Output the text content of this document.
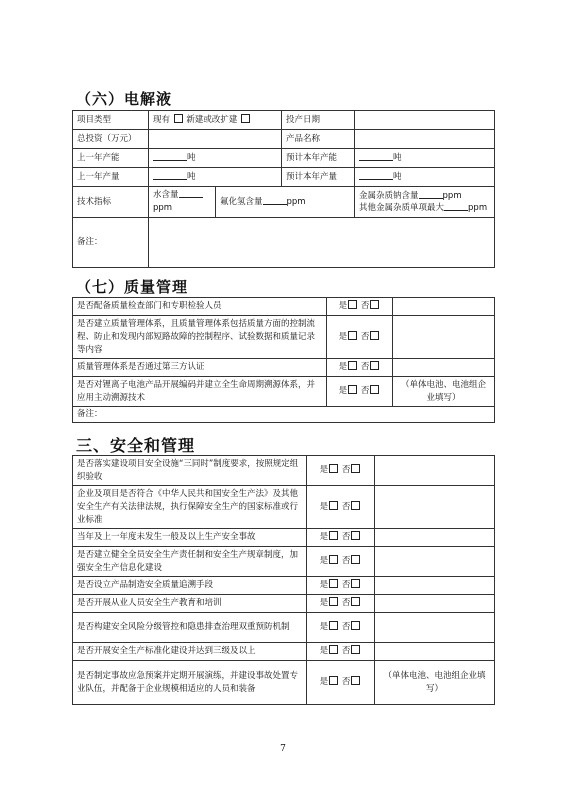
（六）电解液
项目类型	现有 新建或改扩建		投产日期	
总投资（万元）			产品名称	
上一年产能	吨		预计本年产能	吨
上一年产量	吨		预计本年产量	吨
技术指标	水含量ppm	氟化氢含量 ppm		金属杂质钠含量 ppm
其他金属杂质单项最大 ppm

备注：				
（七）质量管理
是否配备质量检查部门和专职检验人员	是 否	
是否建立质量管理体系，且质量管理体系包括质量方面的控制流程、防止和发现内部短路故障的控制程序、试验数据和质量记录等内容	是 否	
质量管理体系是否通过第三方认证	是 否	
是否对锂离子电池产品开展编码并建立全生命周期溯源体系，并应用主动溯源技术	是 否	（单体电池、电池组企业填写）
备注：		
三、安全和管理
是否落实建设项目安全设施“三同时”制度要求，按照规定组织验收	是 否	
企业及项目是否符合《中华人民共和国安全生产法》及其他安全生产有关法律法规，执行保障安全生产的国家标准或行业标准	是 否	
当年及上一年度未发生一般及以上生产安全事故	是 否	
是否建立健全全员安全生产责任制和安全生产规章制度，加强安全生产信息化建设	是 否	
是否设立产品制造安全质量追溯手段	是 否	
是否开展从业人员安全生产教育和培训	是 否	
是否构建安全风险分级管控和隐患排查治理双重预防机制	是 否	
是否开展安全生产标准化建设并达到三级及以上	是 否	
是否制定事故应急预案并定期开展演练，并建设事故处置专业队伍，并配备于企业规模相适应的人员和装备	是 否	（单体电池、电池组企业填写）
7
